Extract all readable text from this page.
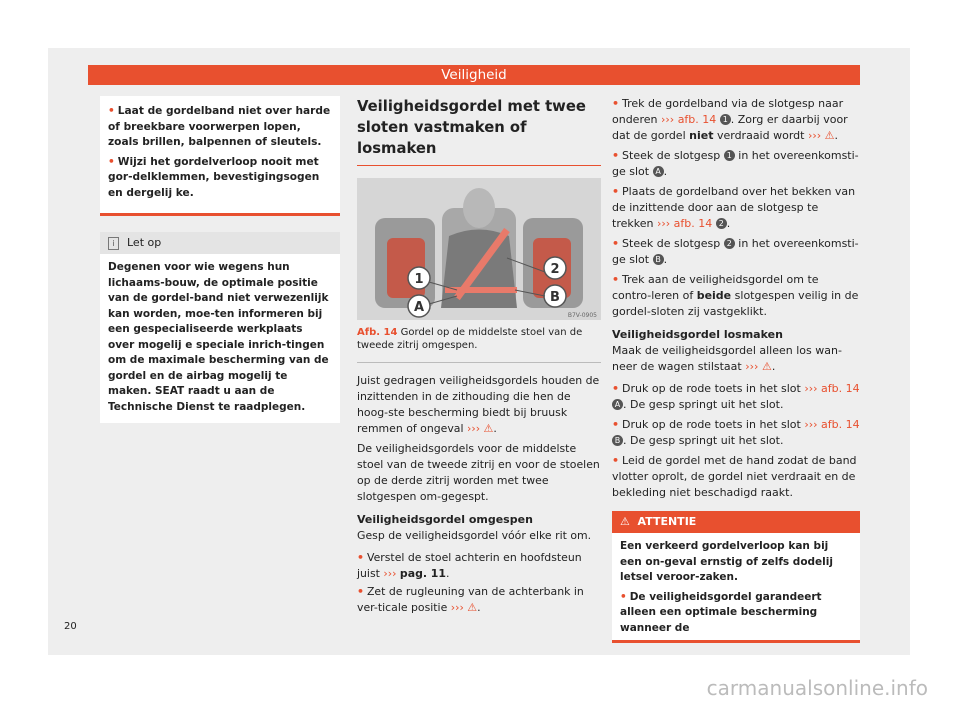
Veiligheid

• Laat de gordelband niet over harde of breekbare voorwerpen lopen, zoals brillen, balpennen of sleutels.

• Wijzi het gordelverloop nooit met gor-delklemmen, bevestigingsogen en dergelij ke.

i Let op
Degenen voor wie wegens hun lichaams-bouw, de optimale positie van de gordel-band niet verwezenlijk kan worden, moe-ten informeren bij een gespecialiseerde werkplaats over mogelij e speciale inrich-tingen om de maximale bescherming van de gordel en de airbag mogelij te maken. SEAT raadt u aan de Technische Dienst te raadplegen.
Veiligheidsgordel met twee sloten vastmaken of losmaken
1
2
A
B
B7V-0905

Afb. 14 Gordel op de middelste stoel van de tweede zitrij omgespen.

Juist gedragen veiligheidsgordels houden de inzittenden in de zithouding die hen de hoog-ste bescherming biedt bij bruusk remmen of ongeval ››› ⚠.

De veiligheidsgordels voor de middelste stoel van de tweede zitrij en voor de stoelen op de derde zitrij worden met twee slotgespen om-gegespt.

Veiligheidsgordel omgespen

Gesp de veiligheidsgordel vóór elke rit om.

• Verstel de stoel achterin en hoofdsteun juist ››› pag. 11.

• Zet de rugleuning van de achterbank in ver-ticale positie ››› ⚠.

• Trek de gordelband via de slotgesp naar onderen ››› afb. 14 1 . Zorg er daarbij voor dat de gordel niet verdraaid wordt ››› ⚠.

• Steek de slotgesp 1 in het overeenkomsti-ge slot A .

• Plaats de gordelband over het bekken van de inzittende door aan de slotgesp te trekken ››› afb. 14 2 .

• Steek de slotgesp 2 in het overeenkomsti-ge slot B .

• Trek aan de veiligheidsgordel om te contro-leren of beide slotgespen veilig in de gordel-sloten zij vastgeklikt.

Veiligheidsgordel losmaken

Maak de veiligheidsgordel alleen los wan-neer de wagen stilstaat ››› ⚠.

• Druk op de rode toets in het slot ››› afb. 14 A . De gesp springt uit het slot.

• Druk op de rode toets in het slot ››› afb. 14 B . De gesp springt uit het slot.

• Leid de gordel met de hand zodat de band vlotter oprolt, de gordel niet verdraait en de bekleding niet beschadigd raakt.

⚠ ATTENTIE

Een verkeerd gordelverloop kan bij een on-geval ernstig of zelfs dodelij letsel veroor-zaken.

• De veiligheidsgordel garandeert alleen een optimale bescherming wanneer de

20
carmanualsonline.info
